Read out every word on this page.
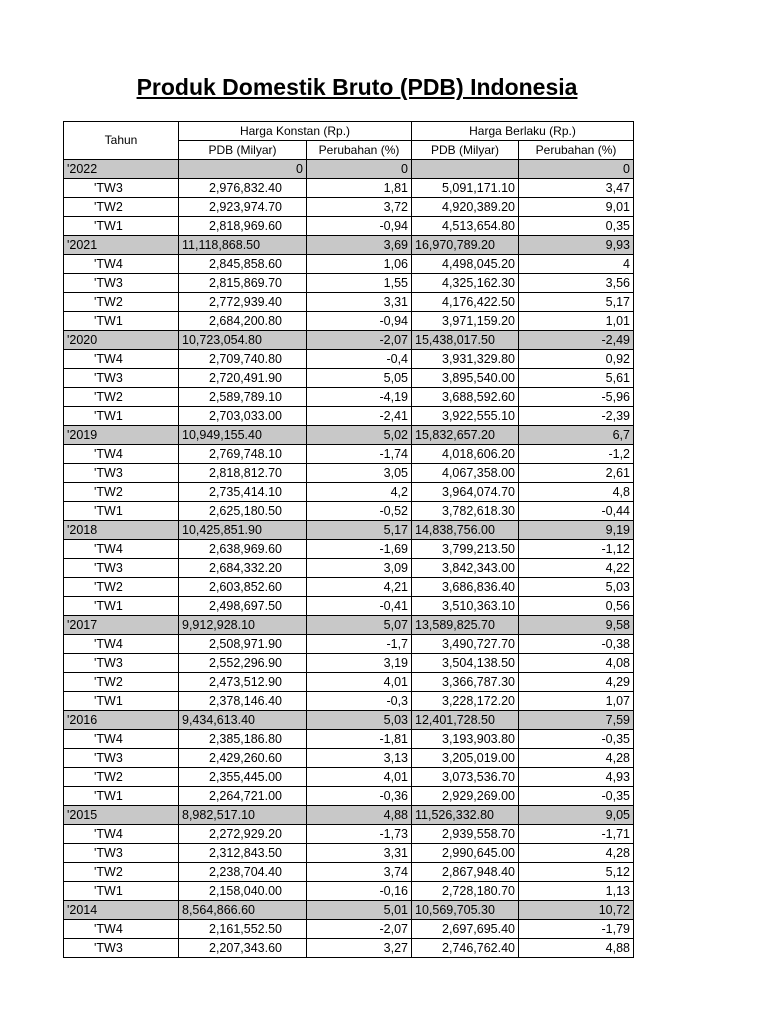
Produk Domestik Bruto (PDB) Indonesia
Tahun	Harga Konstan (Rp.)		Harga Berlaku (Rp.)	
	PDB (Milyar)	Perubahan (%)	PDB (Milyar)	Perubahan (%)
'2022	0	0		0
'TW3	2,976,832.40	1,81	5,091,171.10	3,47
'TW2	2,923,974.70	3,72	4,920,389.20	9,01
'TW1	2,818,969.60	-0,94	4,513,654.80	0,35
'2021	11,118,868.50	3,69	16,970,789.20	9,93
'TW4	2,845,858.60	1,06	4,498,045.20	4
'TW3	2,815,869.70	1,55	4,325,162.30	3,56
'TW2	2,772,939.40	3,31	4,176,422.50	5,17
'TW1	2,684,200.80	-0,94	3,971,159.20	1,01
'2020	10,723,054.80	-2,07	15,438,017.50	-2,49
'TW4	2,709,740.80	-0,4	3,931,329.80	0,92
'TW3	2,720,491.90	5,05	3,895,540.00	5,61
'TW2	2,589,789.10	-4,19	3,688,592.60	-5,96
'TW1	2,703,033.00	-2,41	3,922,555.10	-2,39
'2019	10,949,155.40	5,02	15,832,657.20	6,7
'TW4	2,769,748.10	-1,74	4,018,606.20	-1,2
'TW3	2,818,812.70	3,05	4,067,358.00	2,61
'TW2	2,735,414.10	4,2	3,964,074.70	4,8
'TW1	2,625,180.50	-0,52	3,782,618.30	-0,44
'2018	10,425,851.90	5,17	14,838,756.00	9,19
'TW4	2,638,969.60	-1,69	3,799,213.50	-1,12
'TW3	2,684,332.20	3,09	3,842,343.00	4,22
'TW2	2,603,852.60	4,21	3,686,836.40	5,03
'TW1	2,498,697.50	-0,41	3,510,363.10	0,56
'2017	9,912,928.10	5,07	13,589,825.70	9,58
'TW4	2,508,971.90	-1,7	3,490,727.70	-0,38
'TW3	2,552,296.90	3,19	3,504,138.50	4,08
'TW2	2,473,512.90	4,01	3,366,787.30	4,29
'TW1	2,378,146.40	-0,3	3,228,172.20	1,07
'2016	9,434,613.40	5,03	12,401,728.50	7,59
'TW4	2,385,186.80	-1,81	3,193,903.80	-0,35
'TW3	2,429,260.60	3,13	3,205,019.00	4,28
'TW2	2,355,445.00	4,01	3,073,536.70	4,93
'TW1	2,264,721.00	-0,36	2,929,269.00	-0,35
'2015	8,982,517.10	4,88	11,526,332.80	9,05
'TW4	2,272,929.20	-1,73	2,939,558.70	-1,71
'TW3	2,312,843.50	3,31	2,990,645.00	4,28
'TW2	2,238,704.40	3,74	2,867,948.40	5,12
'TW1	2,158,040.00	-0,16	2,728,180.70	1,13
'2014	8,564,866.60	5,01	10,569,705.30	10,72
'TW4	2,161,552.50	-2,07	2,697,695.40	-1,79
'TW3	2,207,343.60	3,27	2,746,762.40	4,88
